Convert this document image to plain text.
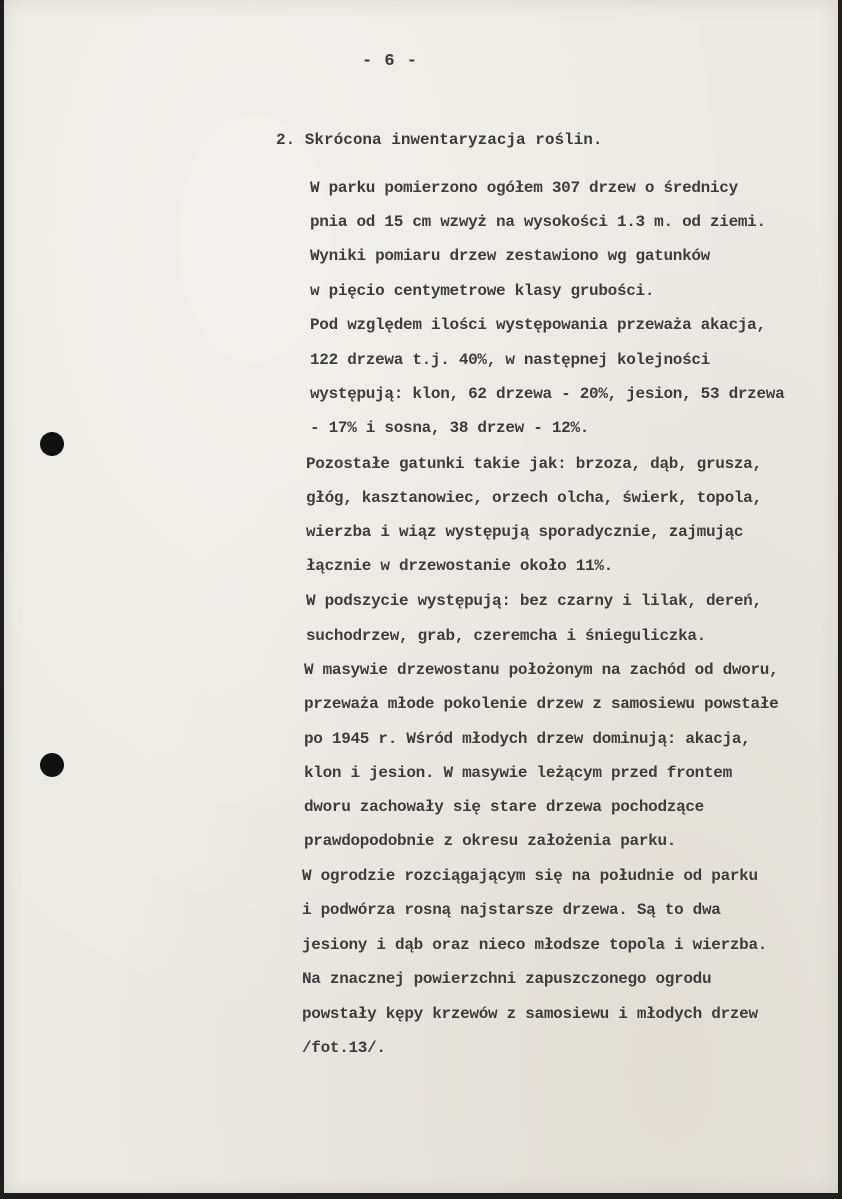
- 6 -
2. Skrócona inwentaryzacja roślin.
W parku pomierzono ogółem 307 drzew o średnicy
pnia od 15 cm wzwyż na wysokości 1.3 m. od ziemi.
Wyniki pomiaru drzew zestawiono wg gatunków
w pięcio centymetrowe klasy grubości.
Pod względem ilości występowania przeważa akacja,
122 drzewa t.j. 40%, w następnej kolejności
występują: klon, 62 drzewa - 20%, jesion, 53 drzewa
- 17% i sosna, 38 drzew - 12%.
Pozostałe gatunki takie jak: brzoza, dąb, grusza,
głóg, kasztanowiec, orzech olcha, świerk, topola,
wierzba i wiąz występują sporadycznie, zajmując
łącznie w drzewostanie około 11%.
W podszycie występują: bez czarny i lilak, dereń,
suchodrzew, grab, czeremcha i śnieguliczka.
W masywie drzewostanu położonym na zachód od dworu,
przeważa młode pokolenie drzew z samosiewu powstałe
po 1945 r. Wśród młodych drzew dominują: akacja,
klon i jesion. W masywie leżącym przed frontem
dworu zachowały się stare drzewa pochodzące
prawdopodobnie z okresu założenia parku.
W ogrodzie rozciągającym się na południe od parku
i podwórza rosną najstarsze drzewa. Są to dwa
jesiony i dąb oraz nieco młodsze topola i wierzba.
Na znacznej powierzchni zapuszczonego ogrodu
powstały kępy krzewów z samosiewu i młodych drzew
/fot.13/.
